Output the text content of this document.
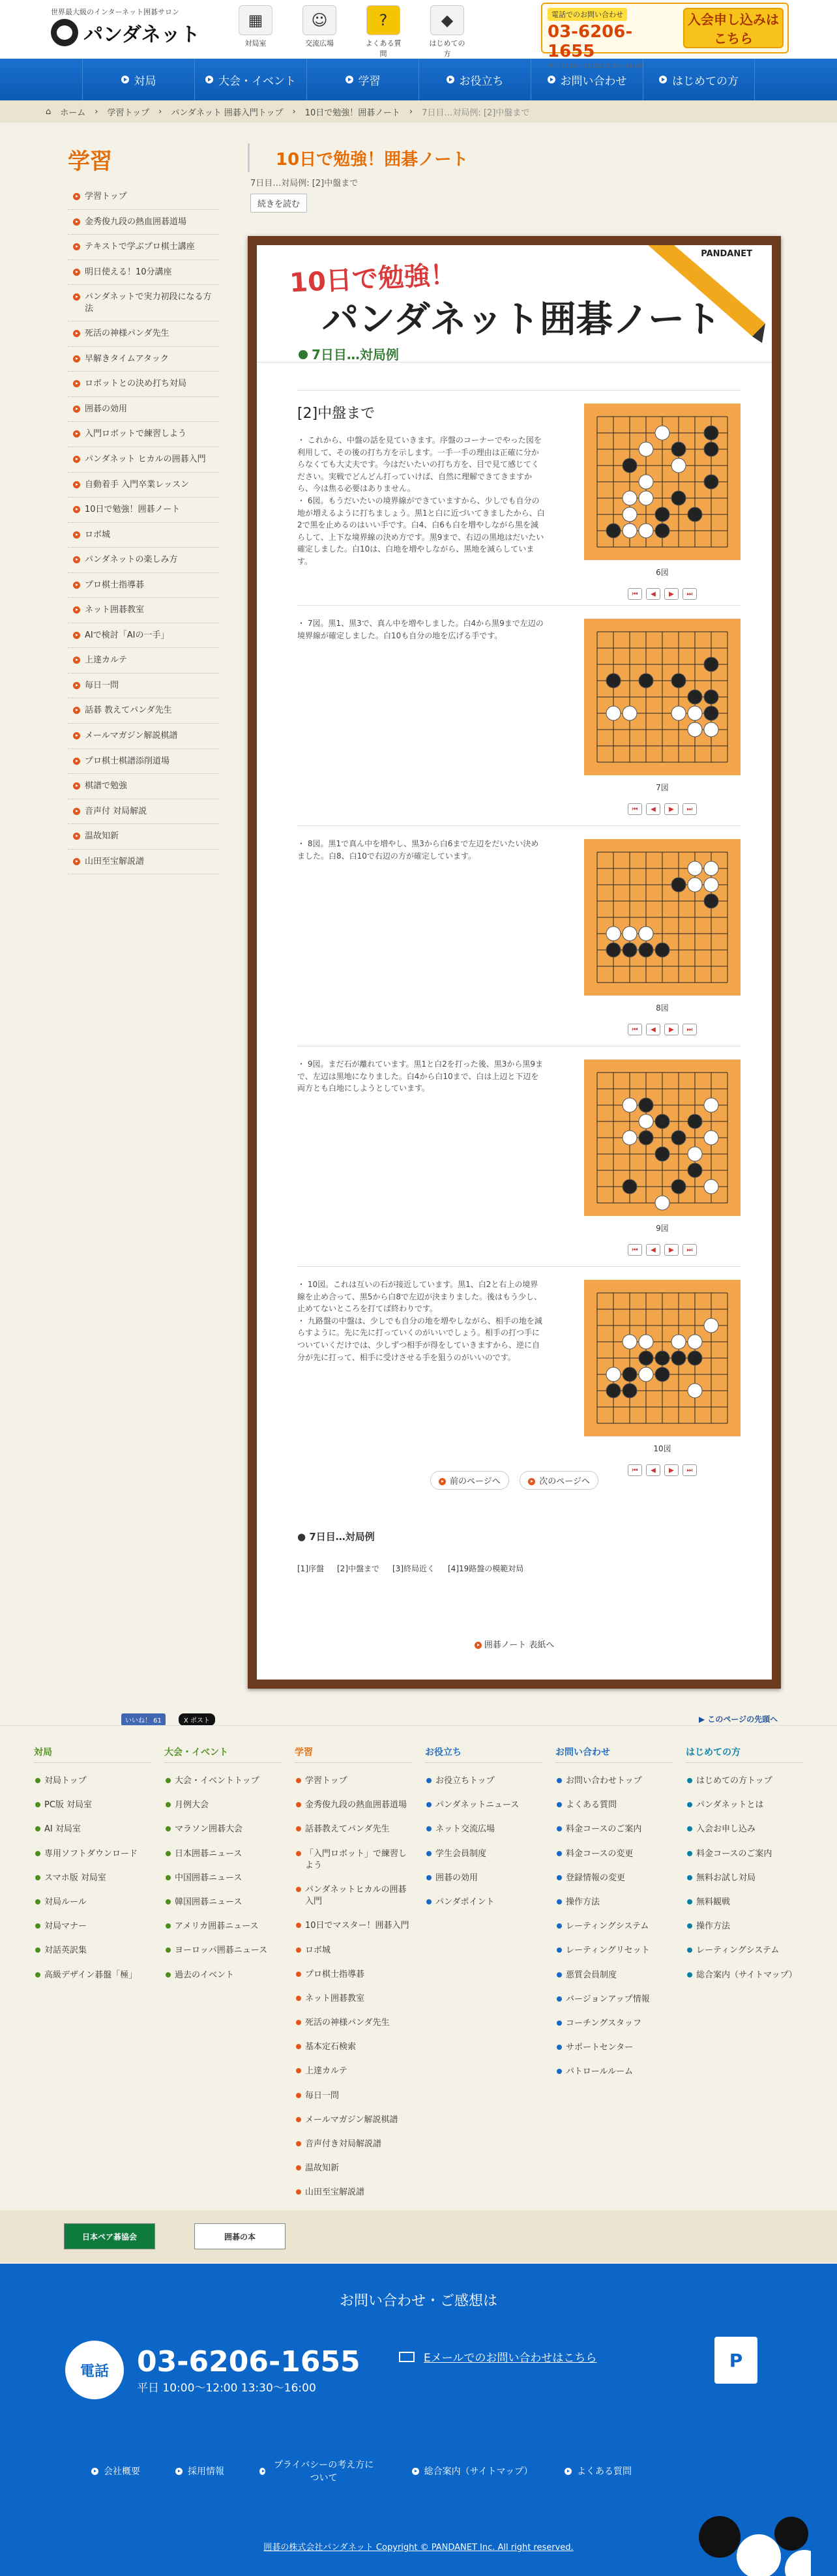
世界最大級のインターネット囲碁サロン
パンダネット
▦
対局室
☺
交流広場
?
よくある質問
◆
はじめての方
電話でのお問い合わせ
03-6206-1655
平日 10:00～12:00/13:30～16:00
入会申し込みはこちら
対局	大会・イベント	学習	お役立ち	お問い合わせ	はじめての方
⌂ ホーム › 学習トップ › パンダネット 囲碁入門トップ › 10日で勉強！囲碁ノート › 7日目…対局例: [2]中盤まで
学習
学習トップ
金秀俊九段の熱血囲碁道場
テキストで学ぶプロ棋士講座
明日使える！10分講座
パンダネットで実力初段になる方法
死活の神様パンダ先生
早解きタイムアタック
ロボットとの決め打ち対局
囲碁の効用
入門ロボットで練習しよう
パンダネット ヒカルの囲碁入門
自動着手 入門卒業レッスン
10日で勉強！囲碁ノート
ロボ城
パンダネットの楽しみ方
プロ棋士指導碁
ネット囲碁教室
AIで検討「AIの一手」
上達カルテ
毎日一問
話碁 教えてパンダ先生
メールマガジン解説棋譜
プロ棋士棋譜添削道場
棋譜で勉強
音声付 対局解説
温故知新
山田至宝解説譜
10日で勉強！囲碁ノート
7日目…対局例: [2]中盤まで
続きを読む
10日で勉強！
パンダネット囲碁ノート
PANDANET
7日目…対局例
[2]中盤まで
・ これから、中盤の話を見ていきます。序盤のコーナーでやった図を利用して、その後の打ち方を示します。一手一手の理由は正確に分からなくても大丈夫です。今はだいたいの打ち方を、目で見て感じてください。実戦でどんどん打っていけば、自然に理解できてきますから、今は焦る必要はありません。
・ 6図。もうだいたいの境界線ができていますから、少しでも自分の地が増えるように打ちましょう。黒1と白に近づいてきましたから、白2で黒を止めるのはいい手です。白4、白6も白を増やしながら黒を減らして、上下な境界線の決め方です。黒9まで、右辺の黒地はだいたい確定しました。白10は、白地を増やしながら、黒地を減らしています。
6図
⏮	◀	▶	⏭
・ 7図。黒1、黒3で、真ん中を増やしました。白4から黒9まで左辺の境界線が確定しました。白10も自分の地を広げる手です。
7図
⏮	◀	▶	⏭
・ 8図。黒1で真ん中を増やし、黒3から白6まで左辺をだいたい決めました。白8、白10で右辺の方が確定しています。
8図
⏮	◀	▶	⏭
・ 9図。まだ石が離れています。黒1と白2を打った後、黒3から黒9まで、左辺は黒地になりました。白4から白10まで、白は上辺と下辺を両方とも白地にしようとしています。
9図
⏮	◀	▶	⏭
・ 10図。これは互いの石が接近しています。黒1、白2と右上の境界線を止め合って、黒5から白8で左辺が決まりました。後はもう少し、止めてないところを打てば終わりです。
・ 九路盤の中盤は、少しでも自分の地を増やしながら、相手の地を減らすように。先に先に打っていくのがいいでしょう。相手の打つ手についていくだけでは、少しずつ相手が得をしていきますから、逆に自分が先に打って、相手に受けさせる手を狙うのがいいのです。
10図
⏮	◀	▶	⏭
前のページへ	次のページへ
● 7日目…対局例
[1]序盤 [2]中盤まで [3]終局近く [4]19路盤の模範対局
囲碁ノート 表紙へ
いいね！ 61	X ポスト	▶ このページの先頭へ
対局
対局トップ
PC版 対局室
AI 対局室
専用ソフトダウンロード
スマホ版 対局室
対局ルール
対局マナー
対話英訳集
高級デザイン碁盤「極」
大会・イベント
大会・イベントトップ
月例大会
マラソン囲碁大会
日本囲碁ニュース
中国囲碁ニュース
韓国囲碁ニュース
アメリカ囲碁ニュース
ヨーロッパ囲碁ニュース
過去のイベント
学習
学習トップ
金秀俊九段の熱血囲碁道場
話碁教えてパンダ先生
「入門ロボット」で練習しよう
パンダネットヒカルの囲碁入門
10日でマスター！囲碁入門
ロボ城
プロ棋士指導碁
ネット囲碁教室
死活の神様パンダ先生
基本定石検索
上達カルテ
毎日一問
メールマガジン解説棋譜
音声付き対局解説譜
温故知新
山田至宝解説譜
お役立ち
お役立ちトップ
パンダネットニュース
ネット交流広場
学生会員制度
囲碁の効用
パンダポイント
お問い合わせ
お問い合わせトップ
よくある質問
料金コースのご案内
料金コースの変更
登録情報の変更
操作方法
レーティングシステム
レーティングリセット
悪質会員制度
バージョンアップ情報
コーチングスタッフ
サポートセンター
パトロールルーム
はじめての方
はじめての方トップ
パンダネットとは
入会お申し込み
料金コースのご案内
無料お試し対局
無料観戦
操作方法
レーティングシステム
総合案内（サイトマップ）
日本ペア碁協会	囲碁の本
お問い合わせ・ご感想は
電話 03-6206-1655
平日 10:00～12:00 13:30～16:00
Eメールでのお問い合わせはこちら	P
会社概要	採用情報
プライバシーの考え方について
総合案内（サイトマップ）	よくある質問
囲碁の株式会社パンダネット Copyright © PANDANET Inc. All right reserved.
